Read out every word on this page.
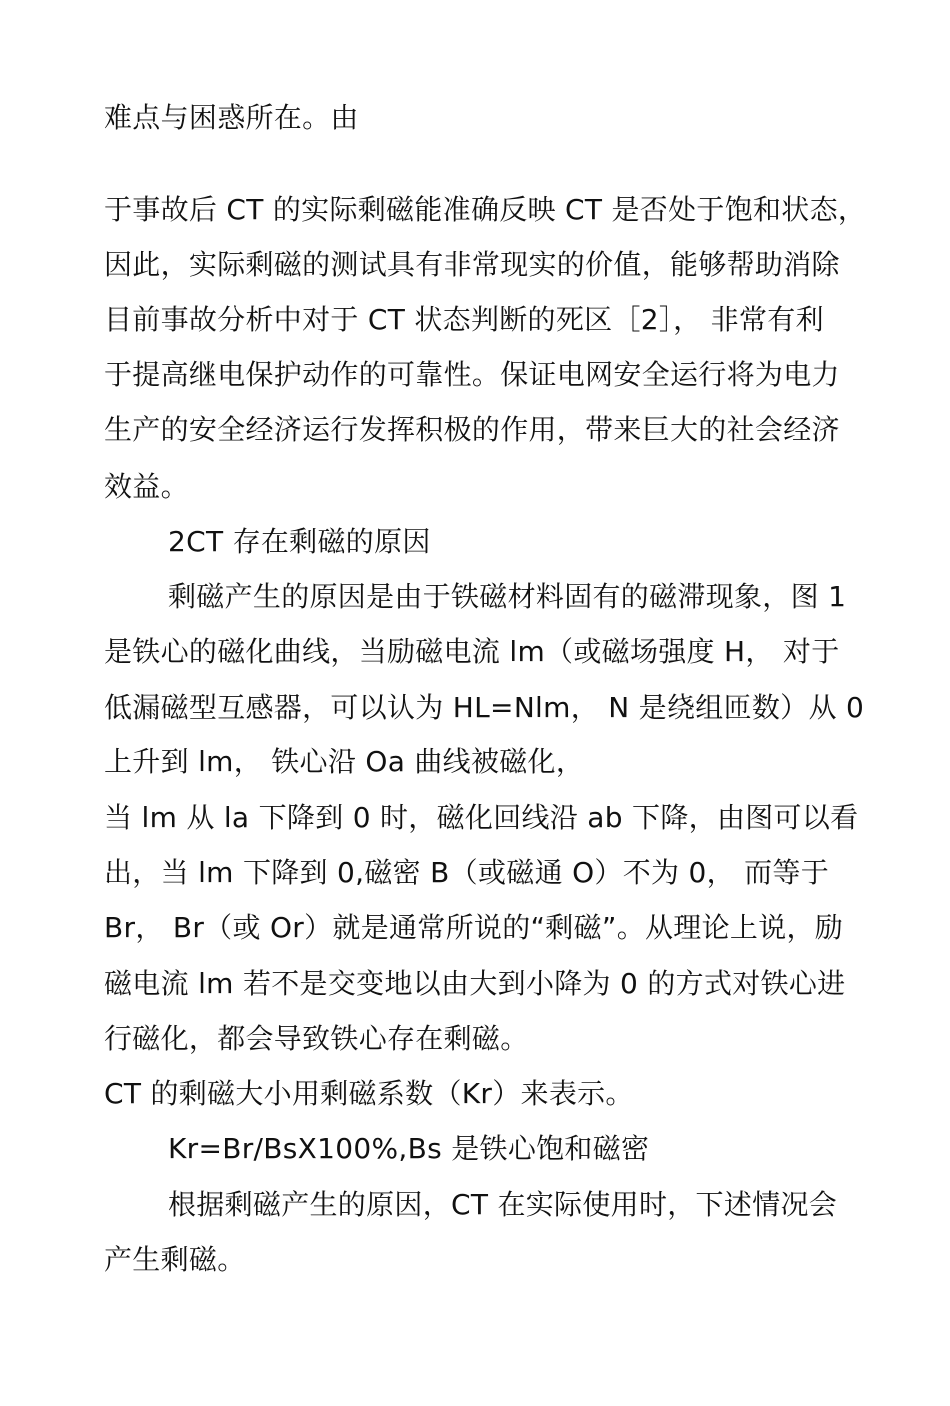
难点与困惑所在。由
于事故后 CT 的实际剩磁能准确反映 CT 是否处于饱和状态，
因此，实际剩磁的测试具有非常现实的价值，能够帮助消除
目前事故分析中对于 CT 状态判断的死区［2］， 非常有利
于提高继电保护动作的可靠性。保证电网安全运行将为电力
生产的安全经济运行发挥积极的作用，带来巨大的社会经济
效益。
2CT 存在剩磁的原因
剩磁产生的原因是由于铁磁材料固有的磁滞现象，图 1
是铁心的磁化曲线，当励磁电流 lm（或磁场强度 H， 对于
低漏磁型互感器，可以认为 HL=Nlm， N 是绕组匝数）从 0
上升到 lm， 铁心沿 Oa 曲线被磁化，
当 lm 从 la 下降到 0 时，磁化回线沿 ab 下降，由图可以看
出，当 lm 下降到 0,磁密 B（或磁通 O）不为 0， 而等于
Br， Br（或 Or）就是通常所说的“剩磁”。从理论上说，励
磁电流 lm 若不是交变地以由大到小降为 0 的方式对铁心进
行磁化，都会导致铁心存在剩磁。
CT 的剩磁大小用剩磁系数（Kr）来表示。
Kr=Br/BsX100%,Bs 是铁心饱和磁密
根据剩磁产生的原因，CT 在实际使用时，下述情况会
产生剩磁。
